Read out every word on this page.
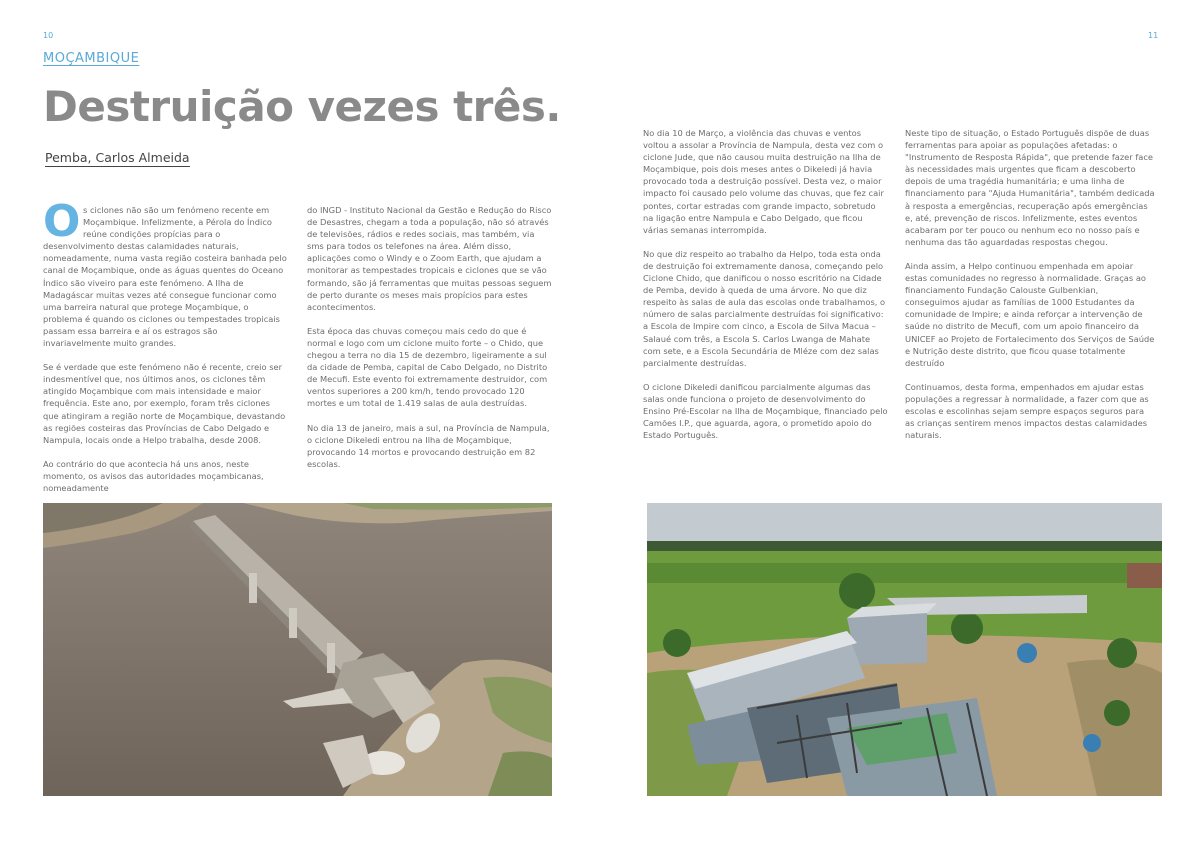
10	11
MOÇAMBIQUE
Destruição vezes três.
Pemba, Carlos Almeida

Os ciclones não são um fenómeno recente em Moçambique. Infelizmente, a Pérola do Índico reúne condições propícias para o desenvolvimento destas calamidades naturais, nomeadamente, numa vasta região costeira banhada pelo canal de Moçambique, onde as águas quentes do Oceano Índico são viveiro para este fenómeno. A Ilha de Madagáscar muitas vezes até consegue funcionar como uma barreira natural que protege Moçambique, o problema é quando os ciclones ou tempestades tropicais passam essa barreira e aí os estragos são invariavelmente muito grandes.

Se é verdade que este fenómeno não é recente, creio ser indesmentível que, nos últimos anos, os ciclones têm atingido Moçambique com mais intensidade e maior frequência. Este ano, por exemplo, foram três ciclones que atingiram a região norte de Moçambique, devastando as regiões costeiras das Províncias de Cabo Delgado e Nampula, locais onde a Helpo trabalha, desde 2008.

Ao contrário do que acontecia há uns anos, neste momento, os avisos das autoridades moçambicanas, nomeadamente

do INGD - Instituto Nacional da Gestão e Redução do Risco de Desastres, chegam a toda a população, não só através de televisões, rádios e redes sociais, mas também, via sms para todos os telefones na área. Além disso, aplicações como o Windy e o Zoom Earth, que ajudam a monitorar as tempestades tropicais e ciclones que se vão formando, são já ferramentas que muitas pessoas seguem de perto durante os meses mais propícios para estes acontecimentos.

Esta época das chuvas começou mais cedo do que é normal e logo com um ciclone muito forte – o Chido, que chegou a terra no dia 15 de dezembro, ligeiramente a sul da cidade de Pemba, capital de Cabo Delgado, no Distrito de Mecufi. Este evento foi extremamente destruidor, com ventos superiores a 200 km/h, tendo provocado 120 mortes e um total de 1.419 salas de aula destruídas.

No dia 13 de janeiro, mais a sul, na Província de Nampula, o ciclone Dikeledi entrou na Ilha de Moçambique, provocando 14 mortos e provocando destruição em 82 escolas.

No dia 10 de Março, a violência das chuvas e ventos voltou a assolar a Província de Nampula, desta vez com o ciclone Jude, que não causou muita destruição na Ilha de Moçambique, pois dois meses antes o Dikeledi já havia provocado toda a destruição possível. Desta vez, o maior impacto foi causado pelo volume das chuvas, que fez cair pontes, cortar estradas com grande impacto, sobretudo na ligação entre Nampula e Cabo Delgado, que ficou várias semanas interrompida.

No que diz respeito ao trabalho da Helpo, toda esta onda de destruição foi extremamente danosa, começando pelo Ciclone Chido, que danificou o nosso escritório na Cidade de Pemba, devido à queda de uma árvore. No que diz respeito às salas de aula das escolas onde trabalhamos, o número de salas parcialmente destruídas foi significativo: a Escola de Impire com cinco, a Escola de Silva Macua – Salaué com três, a Escola S. Carlos Lwanga de Mahate com sete, e a Escola Secundária de Mléze com dez salas parcialmente destruídas.

O ciclone Dikeledi danificou parcialmente algumas das salas onde funciona o projeto de desenvolvimento do Ensino Pré-Escolar na Ilha de Moçambique, financiado pelo Camões I.P., que aguarda, agora, o prometido apoio do Estado Português.

Neste tipo de situação, o Estado Português dispõe de duas ferramentas para apoiar as populações afetadas: o "Instrumento de Resposta Rápida", que pretende fazer face às necessidades mais urgentes que ficam a descoberto depois de uma tragédia humanitária; e uma linha de financiamento para "Ajuda Humanitária", também dedicada à resposta a emergências, recuperação após emergências e, até, prevenção de riscos. Infelizmente, estes eventos acabaram por ter pouco ou nenhum eco no nosso país e nenhuma das tão aguardadas respostas chegou.

Ainda assim, a Helpo continuou empenhada em apoiar estas comunidades no regresso à normalidade. Graças ao financiamento Fundação Calouste Gulbenkian, conseguimos ajudar as famílias de 1000 Estudantes da comunidade de Impire; e ainda reforçar a intervenção de saúde no distrito de Mecufi, com um apoio financeiro da UNICEF ao Projeto de Fortalecimento dos Serviços de Saúde e Nutrição deste distrito, que ficou quase totalmente destruído

Continuamos, desta forma, empenhados em ajudar estas populações a regressar à normalidade, a fazer com que as escolas e escolinhas sejam sempre espaços seguros para as crianças sentirem menos impactos destas calamidades naturais.
